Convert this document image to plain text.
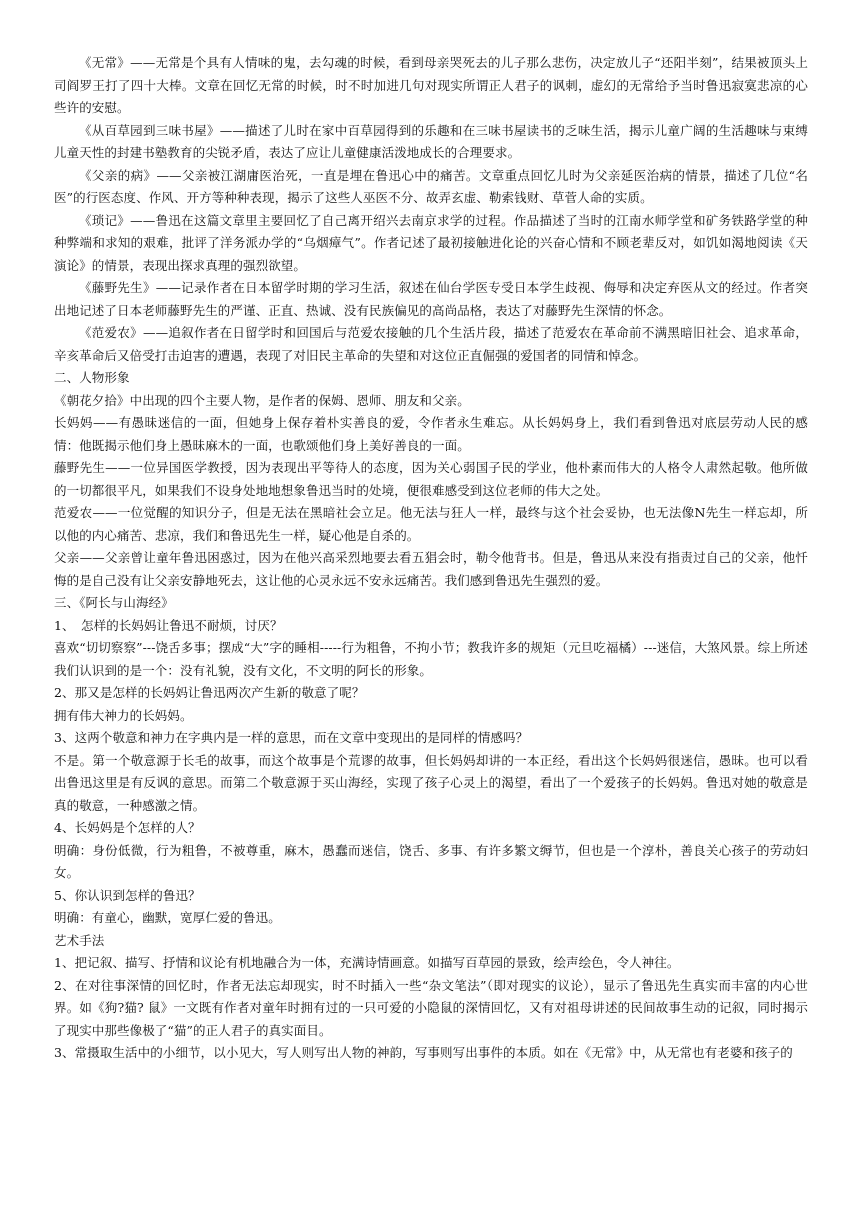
《无常》——无常是个具有人情味的鬼，去勾魂的时候，看到母亲哭死去的儿子那么悲伤，决定放儿子“还阳半刻”，结果被顶头上司阎罗王打了四十大棒。文章在回忆无常的时候，时不时加进几句对现实所谓正人君子的讽刺，虚幻的无常给予当时鲁迅寂寞悲凉的心些许的安慰。

《从百草园到三味书屋》——描述了儿时在家中百草园得到的乐趣和在三味书屋读书的乏味生活，揭示儿童广阔的生活趣味与束缚儿童天性的封建书塾教育的尖锐矛盾，表达了应让儿童健康活泼地成长的合理要求。

《父亲的病》——父亲被江湖庸医治死，一直是埋在鲁迅心中的痛苦。文章重点回忆儿时为父亲延医治病的情景，描述了几位“名医”的行医态度、作风、开方等种种表现，揭示了这些人巫医不分、故弄玄虚、勒索钱财、草菅人命的实质。

《琐记》——鲁迅在这篇文章里主要回忆了自己离开绍兴去南京求学的过程。作品描述了当时的江南水师学堂和矿务铁路学堂的种种弊端和求知的艰难，批评了洋务派办学的“乌烟瘴气”。作者记述了最初接触进化论的兴奋心情和不顾老辈反对，如饥如渴地阅读《天演论》的情景，表现出探求真理的强烈欲望。

《藤野先生》——记录作者在日本留学时期的学习生活，叙述在仙台学医专受日本学生歧视、侮辱和决定弃医从文的经过。作者突出地记述了日本老师藤野先生的严谨、正直、热诚、没有民族偏见的高尚品格，表达了对藤野先生深情的怀念。

《范爱农》——追叙作者在日留学时和回国后与范爱农接触的几个生活片段，描述了范爱农在革命前不满黑暗旧社会、追求革命，辛亥革命后又倍受打击迫害的遭遇，表现了对旧民主革命的失望和对这位正直倔强的爱国者的同情和悼念。

二、人物形象

《朝花夕拾》中出现的四个主要人物，是作者的保姆、恩师、朋友和父亲。

长妈妈——有愚昧迷信的一面，但她身上保存着朴实善良的爱，令作者永生难忘。从长妈妈身上，我们看到鲁迅对底层劳动人民的感情：他既揭示他们身上愚昧麻木的一面，也歌颂他们身上美好善良的一面。

藤野先生——一位异国医学教授，因为表现出平等待人的态度，因为关心弱国子民的学业，他朴素而伟大的人格令人肃然起敬。他所做的一切都很平凡，如果我们不设身处地地想象鲁迅当时的处境，便很难感受到这位老师的伟大之处。

范爱农——一位觉醒的知识分子，但是无法在黑暗社会立足。他无法与狂人一样，最终与这个社会妥协，也无法像N先生一样忘却，所以他的内心痛苦、悲凉，我们和鲁迅先生一样，疑心他是自杀的。

父亲——父亲曾让童年鲁迅困惑过，因为在他兴高采烈地要去看五猖会时，勒令他背书。但是，鲁迅从来没有指责过自己的父亲，他忏悔的是自己没有让父亲安静地死去，这让他的心灵永远不安永远痛苦。我们感到鲁迅先生强烈的爱。

三、《阿长与山海经》

1、　怎样的长妈妈让鲁迅不耐烦，讨厌？

喜欢“切切察察”---饶舌多事；摆成“大”字的睡相-----行为粗鲁，不拘小节；教我许多的规矩（元旦吃福橘）---迷信，大煞风景。综上所述我们认识到的是一个：没有礼貌，没有文化，不文明的阿长的形象。

2、那又是怎样的长妈妈让鲁迅两次产生新的敬意了呢？

拥有伟大神力的长妈妈。

3、这两个敬意和神力在字典内是一样的意思，而在文章中变现出的是同样的情感吗？

不是。第一个敬意源于长毛的故事，而这个故事是个荒谬的故事，但长妈妈却讲的一本正经，看出这个长妈妈很迷信，愚昧。也可以看出鲁迅这里是有反讽的意思。而第二个敬意源于买山海经，实现了孩子心灵上的渴望，看出了一个爱孩子的长妈妈。鲁迅对她的敬意是真的敬意，一种感激之情。

4、长妈妈是个怎样的人？

明确：身份低微，行为粗鲁，不被尊重，麻木，愚蠢而迷信，饶舌、多事、有许多繁文缛节，但也是一个淳朴，善良关心孩子的劳动妇女。

5、你认识到怎样的鲁迅？

明确：有童心，幽默，宽厚仁爱的鲁迅。

艺术手法

1、把记叙、描写、抒情和议论有机地融合为一体，充满诗情画意。如描写百草园的景致，绘声绘色，令人神往。

2、在对往事深情的回忆时，作者无法忘却现实，时不时插入一些“杂文笔法”（即对现实的议论），显示了鲁迅先生真实而丰富的内心世界。如《狗?猫? 鼠》一文既有作者对童年时拥有过的一只可爱的小隐鼠的深情回忆，又有对祖母讲述的民间故事生动的记叙，同时揭示了现实中那些像极了“猫”的正人君子的真实面目。

3、常摄取生活中的小细节，以小见大，写人则写出人物的神韵，写事则写出事件的本质。如在《无常》中，从无常也有老婆和孩子的
